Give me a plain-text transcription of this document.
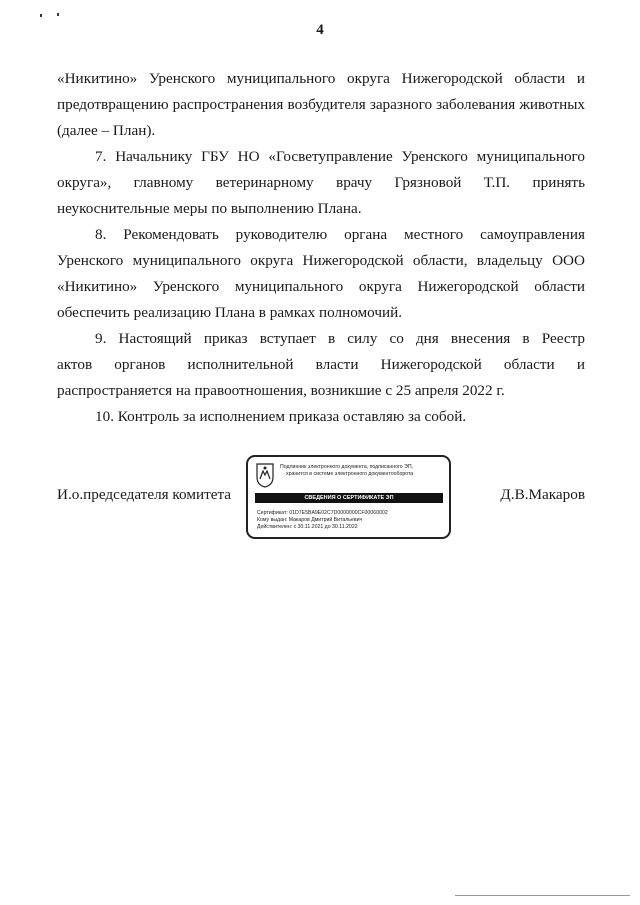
4
«Никитино» Уренского муниципального округа Нижегородской области и
предотвращению распространения возбудителя заразного заболевания животных
(далее – План).
7. Начальнику ГБУ НО «Госветуправление Уренского муниципального
округа», главному ветеринарному врачу Грязновой Т.П. принять
неукоснительные меры по выполнению Плана.
8. Рекомендовать руководителю органа местного самоуправления
Уренского муниципального округа Нижегородской области, владельцу ООО
«Никитино» Уренского муниципального округа Нижегородской области
обеспечить реализацию Плана в рамках полномочий.
9. Настоящий приказ вступает в силу со дня внесения в Реестр
актов органов исполнительной власти Нижегородской области и
распространяется на правоотношения, возникшие с 25 апреля 2022 г.
10. Контроль за исполнением приказа оставляю за собой.
И.о.председателя комитета
Подлинник электронного документа, подписанного ЭП,
хранится в системе электронного документооборота
СВЕДЕНИЯ О СЕРТИФИКАТЕ ЭП
Сертификат: 01D7E5BA9E02C7D0000000CF00060002
Кому выдан: Макаров Дмитрий Витальевич
Действителен: с 30.11.2021 до 30.11.2022
Д.В.Макаров
